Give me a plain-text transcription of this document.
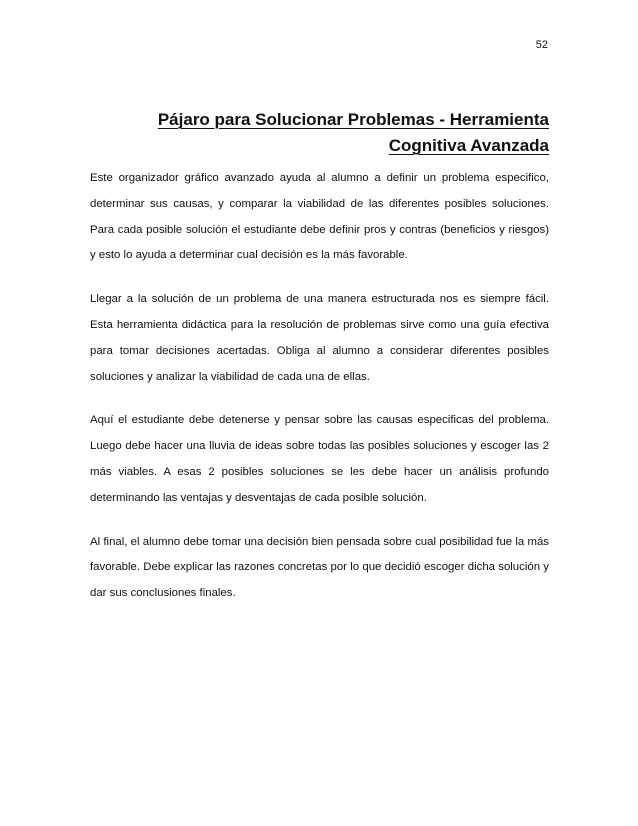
52
Pájaro para Solucionar Problemas - Herramienta
Cognitiva Avanzada

Este organizador gráfico avanzado ayuda al alumno a definir un problema especifico, determinar sus causas, y comparar la viabilidad de las diferentes posibles soluciones. Para cada posible solución el estudiante debe definir pros y contras (beneficios y riesgos) y esto lo ayuda a determinar cual decisión es la más favorable.

Llegar a la solución de un problema de una manera estructurada nos es siempre fácil. Esta herramienta didáctica para la resolución de problemas sirve como una guía efectiva para tomar decisiones acertadas. Obliga al alumno a considerar diferentes posibles soluciones y analizar la viabilidad de cada una de ellas.

Aquí el estudiante debe detenerse y pensar sobre las causas especificas del problema. Luego debe hacer una lluvia de ideas sobre todas las posibles soluciones y escoger las 2 más viables. A esas 2 posibles soluciones se les debe hacer un análisis profundo determinando las ventajas y desventajas de cada posible solución.

Al final, el alumno debe tomar una decisión bien pensada sobre cual posibilidad fue la más favorable. Debe explicar las razones concretas por lo que decidió escoger dicha solución y dar sus conclusiones finales.
